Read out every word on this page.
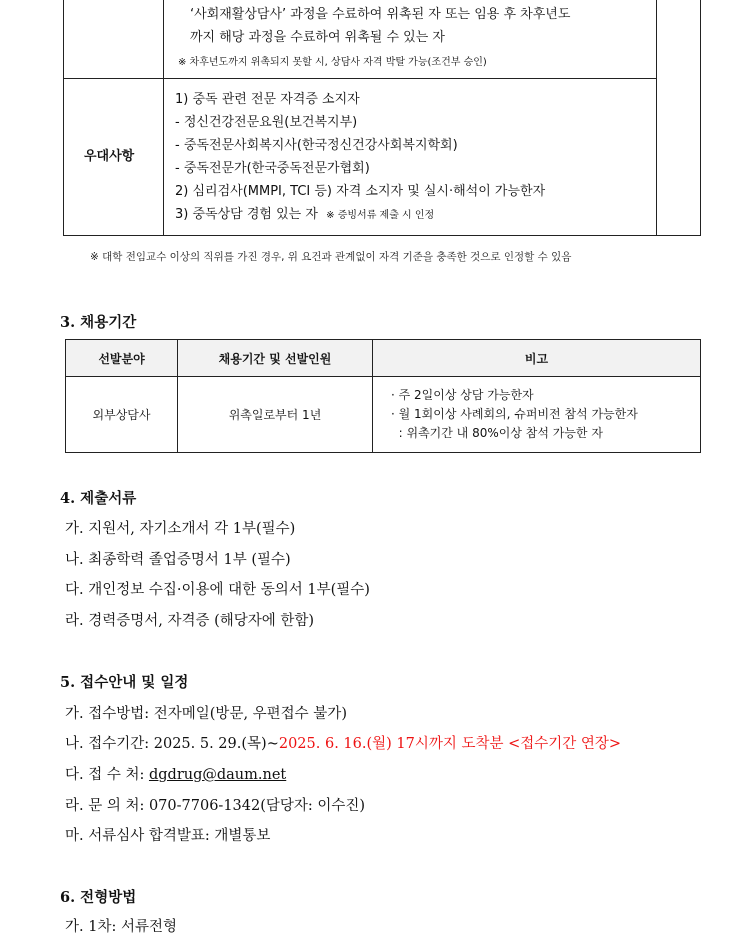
‘사회재활상담사’ 과정을 수료하여 위촉된 자 또는 임용 후 차후년도
까지 해당 과정을 수료하여 위촉될 수 있는 자
※ 차후년도까지 위촉되지 못할 시, 상담사 자격 박탈 가능(조건부 승인)
우대사항
1) 중독 관련 전문 자격증 소지자
- 정신건강전문요원(보건복지부)
- 중독전문사회복지사(한국정신건강사회복지학회)
- 중독전문가(한국중독전문가협회)
2) 심리검사(MMPI, TCI 등) 자격 소지자 및 실시·해석이 가능한자
3) 중독상담 경험 있는 자 ※ 증빙서류 제출 시 인정
※ 대학 전임교수 이상의 직위를 가진 경우, 위 요건과 관계없이 자격 기준을 충족한 것으로 인정할 수 있음
3. 채용기간
선발분야	채용기간 및 선발인원	비고
외부상담사	위촉일로부터 1년	· 주 2일이상 상담 가능한자
· 월 1회이상 사례회의, 슈퍼비전 참석 가능한자
: 위촉기간 내 80%이상 참석 가능한 자
4. 제출서류
가. 지원서, 자기소개서 각 1부(필수)
나. 최종학력 졸업증명서 1부 (필수)
다. 개인정보 수집·이용에 대한 동의서 1부(필수)
라. 경력증명서, 자격증 (해당자에 한함)
5. 접수안내 및 일정
가. 접수방법: 전자메일(방문, 우편접수 불가)
나. 접수기간: 2025. 5. 29.(목)~2025. 6. 16.(월) 17시까지 도착분 <접수기간 연장>
다. 접 수 처: dgdrug@daum.net
라. 문 의 처: 070-7706-1342(담당자: 이수진)
마. 서류심사 합격발표: 개별통보
6. 전형방법
가. 1차: 서류전형
